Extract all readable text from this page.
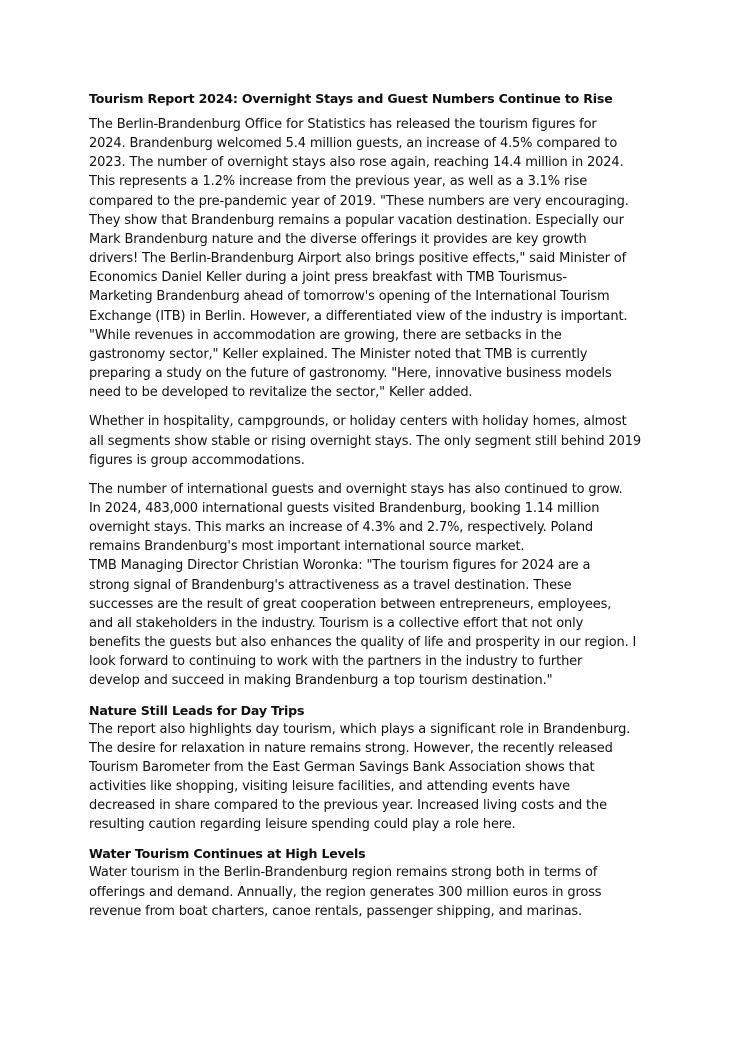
Tourism Report 2024: Overnight Stays and Guest Numbers Continue to Rise

The Berlin-Brandenburg Office for Statistics has released the tourism figures for
2024. Brandenburg welcomed 5.4 million guests, an increase of 4.5% compared to
2023. The number of overnight stays also rose again, reaching 14.4 million in 2024.
This represents a 1.2% increase from the previous year, as well as a 3.1% rise
compared to the pre-pandemic year of 2019. "These numbers are very encouraging.
They show that Brandenburg remains a popular vacation destination. Especially our
Mark Brandenburg nature and the diverse offerings it provides are key growth
drivers! The Berlin-Brandenburg Airport also brings positive effects," said Minister of
Economics Daniel Keller during a joint press breakfast with TMB Tourismus-
Marketing Brandenburg ahead of tomorrow's opening of the International Tourism
Exchange (ITB) in Berlin. However, a differentiated view of the industry is important.
"While revenues in accommodation are growing, there are setbacks in the
gastronomy sector," Keller explained. The Minister noted that TMB is currently
preparing a study on the future of gastronomy. "Here, innovative business models
need to be developed to revitalize the sector," Keller added.

Whether in hospitality, campgrounds, or holiday centers with holiday homes, almost
all segments show stable or rising overnight stays. The only segment still behind 2019
figures is group accommodations.

The number of international guests and overnight stays has also continued to grow.
In 2024, 483,000 international guests visited Brandenburg, booking 1.14 million
overnight stays. This marks an increase of 4.3% and 2.7%, respectively. Poland
remains Brandenburg's most important international source market.
TMB Managing Director Christian Woronka: "The tourism figures for 2024 are a
strong signal of Brandenburg's attractiveness as a travel destination. These
successes are the result of great cooperation between entrepreneurs, employees,
and all stakeholders in the industry. Tourism is a collective effort that not only
benefits the guests but also enhances the quality of life and prosperity in our region. I
look forward to continuing to work with the partners in the industry to further
develop and succeed in making Brandenburg a top tourism destination."

Nature Still Leads for Day Trips

The report also highlights day tourism, which plays a significant role in Brandenburg.
The desire for relaxation in nature remains strong. However, the recently released
Tourism Barometer from the East German Savings Bank Association shows that
activities like shopping, visiting leisure facilities, and attending events have
decreased in share compared to the previous year. Increased living costs and the
resulting caution regarding leisure spending could play a role here.

Water Tourism Continues at High Levels

Water tourism in the Berlin-Brandenburg region remains strong both in terms of
offerings and demand. Annually, the region generates 300 million euros in gross
revenue from boat charters, canoe rentals, passenger shipping, and marinas.
